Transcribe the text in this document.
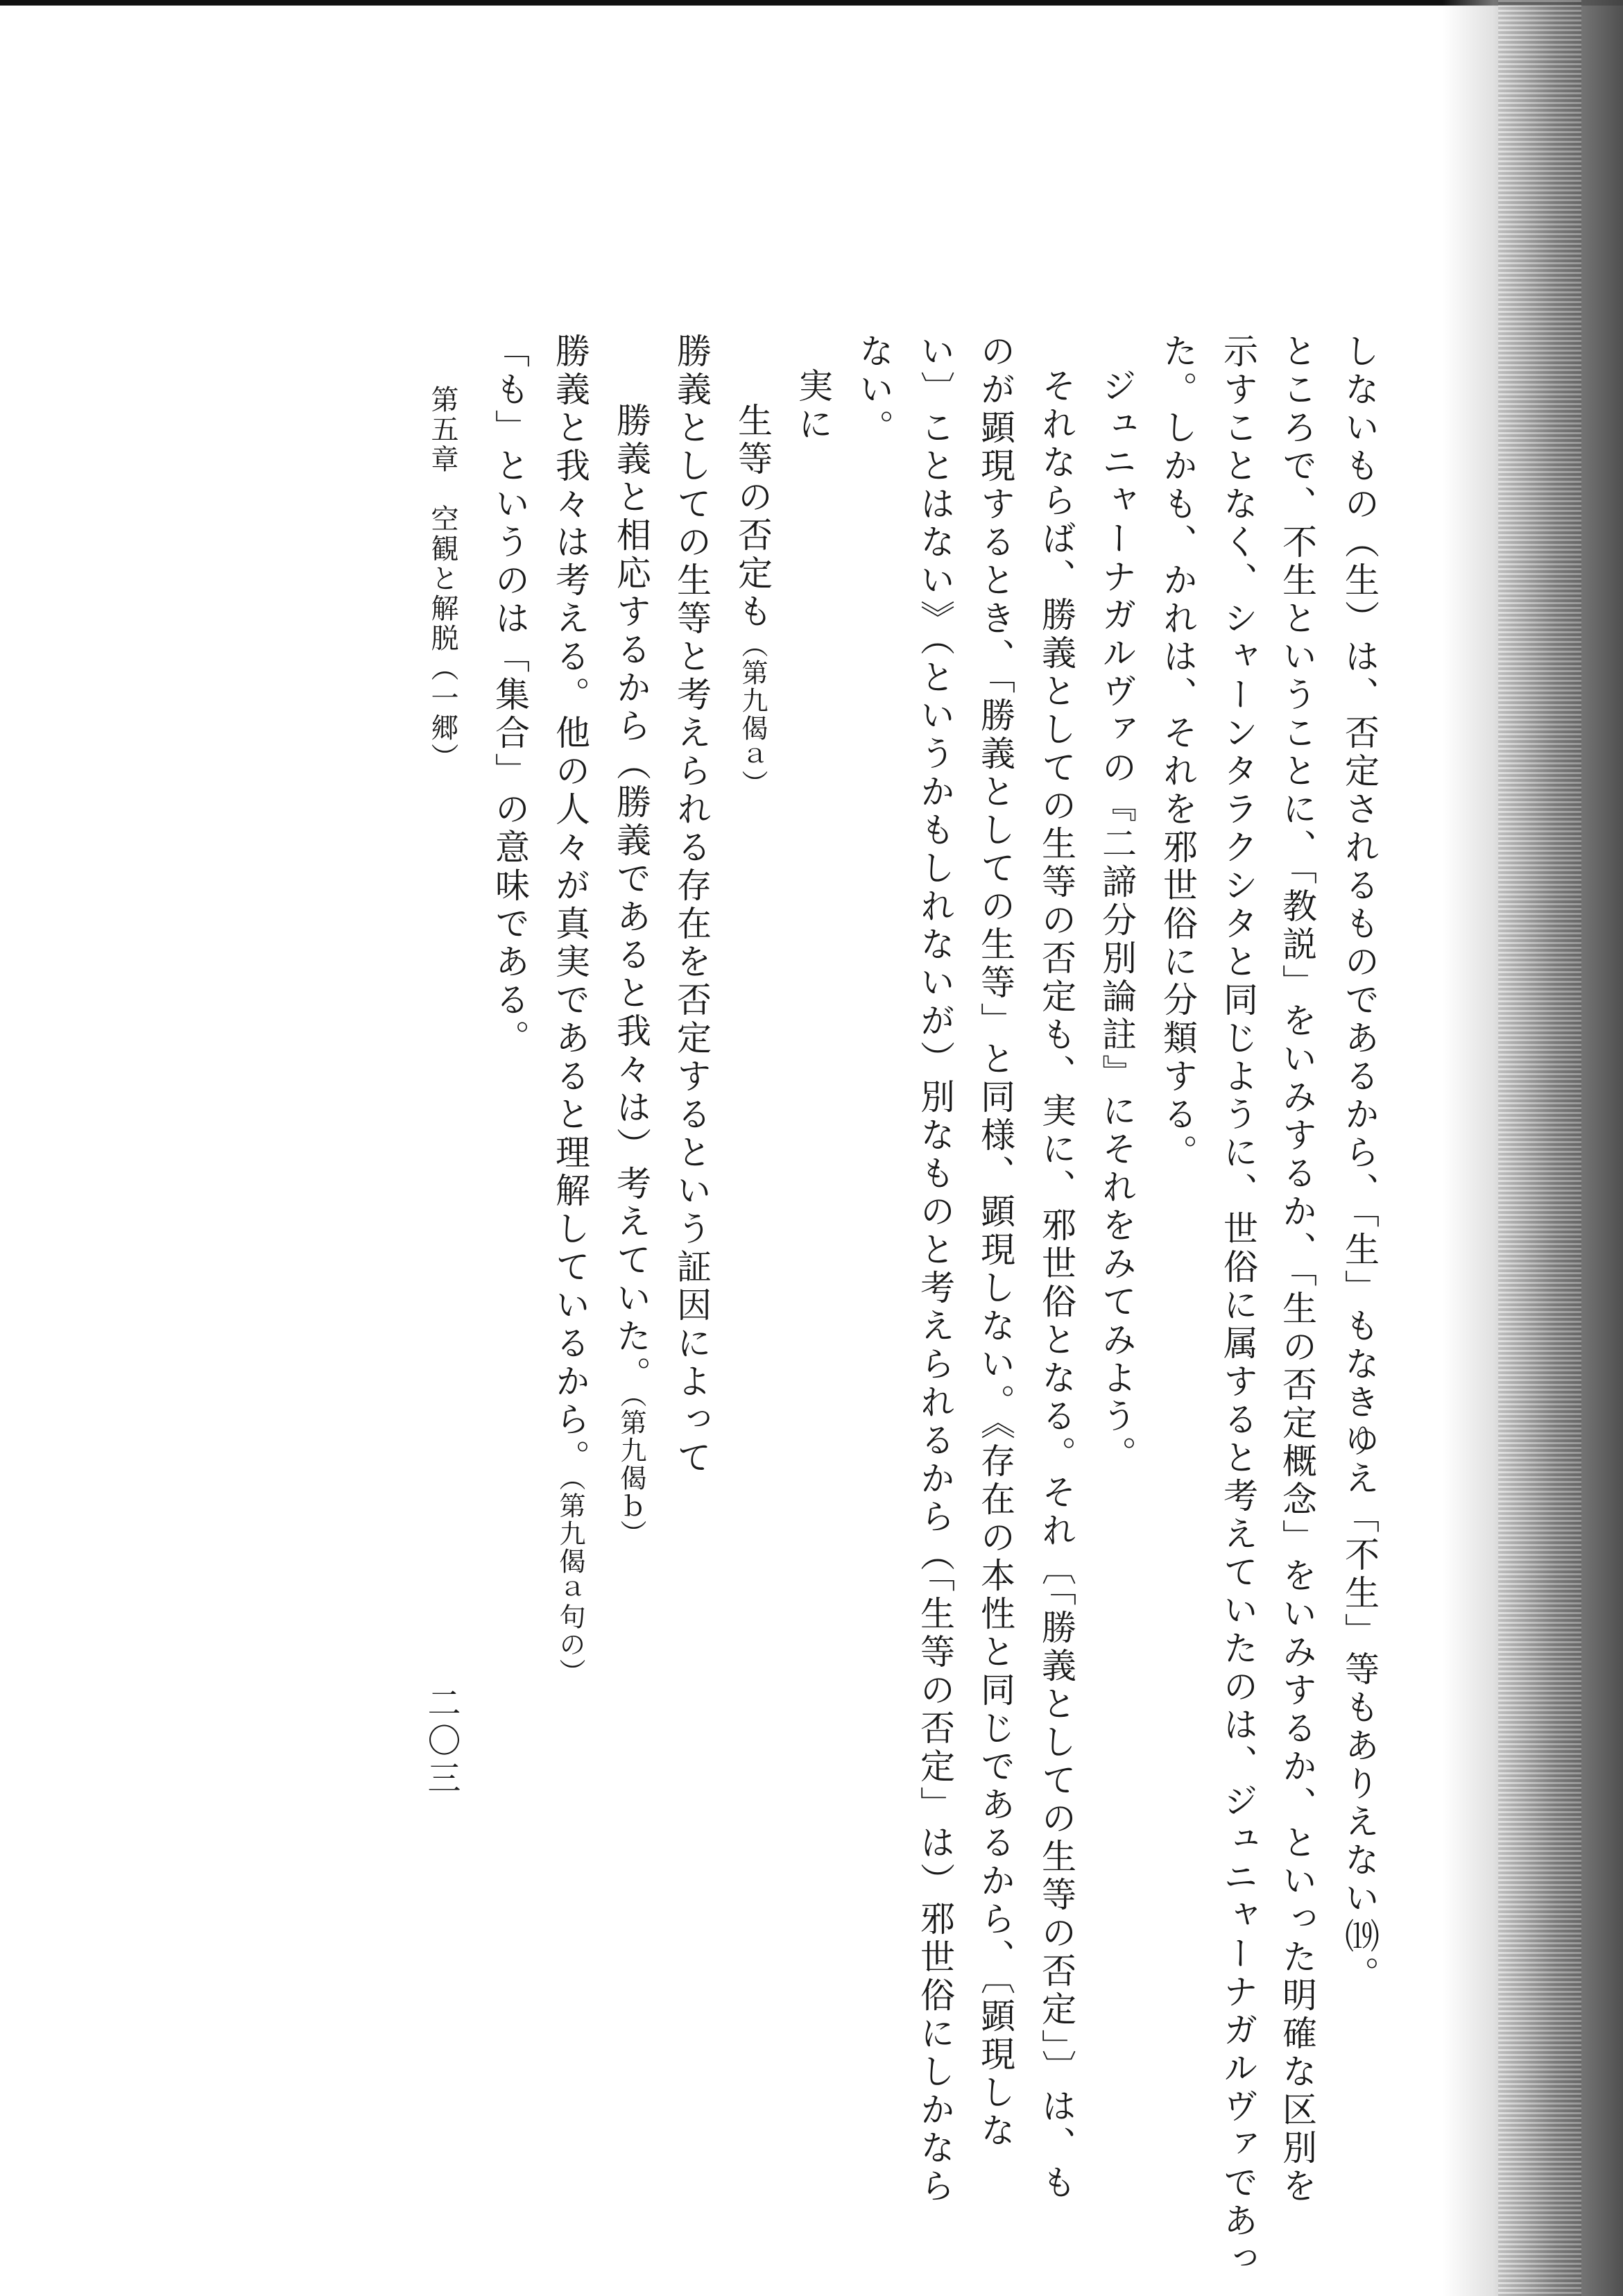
しないもの（生）は、否定されるものであるから、「生」もなきゆえ「不生」等もありえない⒆。
ところで、不生ということに、「教説」をいみするか、「生の否定概念」をいみするか、といった明確な区別を
示すことなく、シャーンタラクシタと同じように、世俗に属すると考えていたのは、ジュニャーナガルヴァであっ
た。しかも、かれは、それを邪世俗に分類する。
ジュニャーナガルヴァの『二諦分別論註』にそれをみてみよう。
それならば、勝義としての生等の否定も、実に、邪世俗となる。それ〔「勝義としての生等の否定」〕は、も
のが顕現するとき、「勝義としての生等」と同様、顕現しない。《存在の本性と同じであるから、〔顕現しな
い〕ことはない》（というかもしれないが）別なものと考えられるから（「生等の否定」は）邪世俗にしかなら
ない。
実に
生等の否定も（第九偈ａ）
勝義としての生等と考えられる存在を否定するという証因によって
勝義と相応するから（勝義であると我々は）考えていた。（第九偈ｂ）
勝義と我々は考える。他の人々が真実であると理解しているから。（第九偈ａ句の）
「も」というのは「集合」の意味である。
第五章　空観と解脱（一郷）
二〇三
